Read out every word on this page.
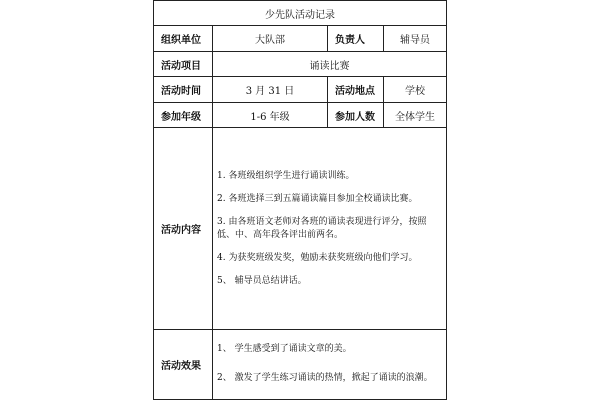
少先队活动记录			
组织单位	大队部	负责人	辅导员
活动项目	诵读比赛		
活动时间	3 月 31 日	活动地点	学校
参加年级	1-6 年级	参加人数	全体学生
活动内容	1. 各班级组织学生进行诵读训练。

2. 各班选择三到五篇诵读篇目参加全校诵读比赛。

3. 由各班语文老师对各班的诵读表现进行评分，按照低、中、高年段各评出前两名。

4. 为获奖班级发奖，勉励未获奖班级向他们学习。

5、 辅导员总结讲话。		

活动效果	1、 学生感受到了诵读文章的美。

2、 激发了学生练习诵读的热情，掀起了诵读的浪潮。		
